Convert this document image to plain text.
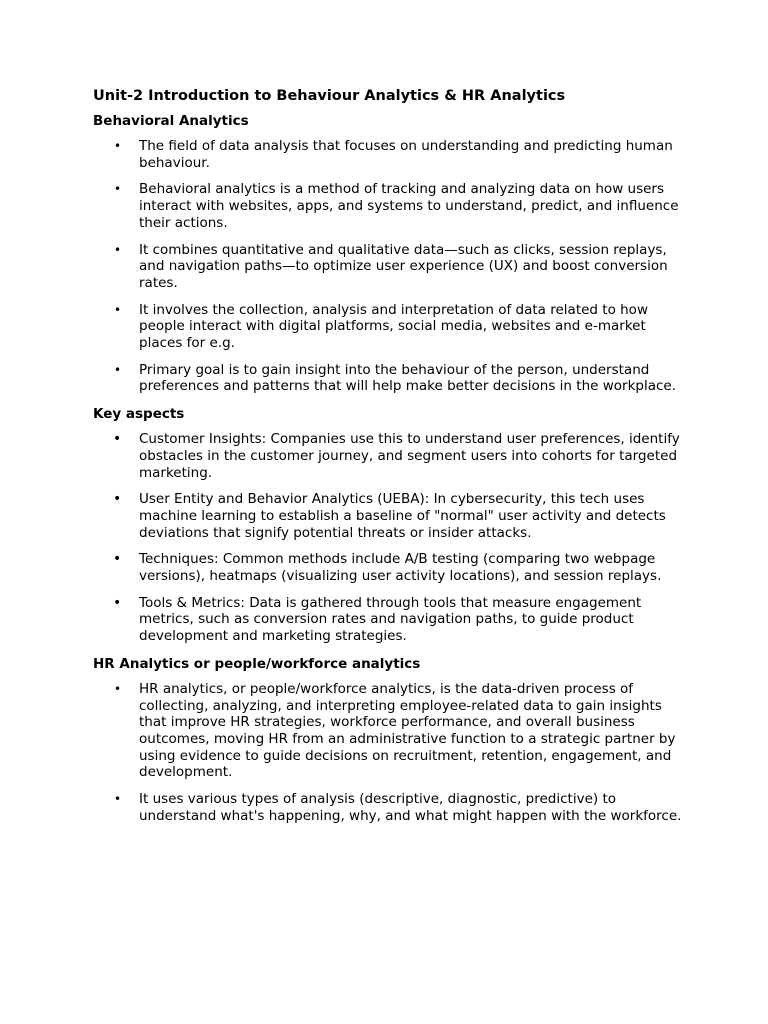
Unit-2 Introduction to Behaviour Analytics & HR Analytics
Behavioral Analytics
• The field of data analysis that focuses on understanding and predicting human behaviour.
• Behavioral analytics is a method of tracking and analyzing data on how users interact with websites, apps, and systems to understand, predict, and influence their actions.
• It combines quantitative and qualitative data—such as clicks, session replays, and navigation paths—to optimize user experience (UX) and boost conversion rates.
• It involves the collection, analysis and interpretation of data related to how people interact with digital platforms, social media, websites and e-market places for e.g.
• Primary goal is to gain insight into the behaviour of the person, understand preferences and patterns that will help make better decisions in the workplace.
Key aspects
• Customer Insights: Companies use this to understand user preferences, identify obstacles in the customer journey, and segment users into cohorts for targeted marketing.
• User Entity and Behavior Analytics (UEBA): In cybersecurity, this tech uses machine learning to establish a baseline of "normal" user activity and detects deviations that signify potential threats or insider attacks.
• Techniques: Common methods include A/B testing (comparing two webpage versions), heatmaps (visualizing user activity locations), and session replays.
• Tools & Metrics: Data is gathered through tools that measure engagement metrics, such as conversion rates and navigation paths, to guide product development and marketing strategies.
HR Analytics or people/workforce analytics
• HR analytics, or people/workforce analytics, is the data-driven process of collecting, analyzing, and interpreting employee-related data to gain insights that improve HR strategies, workforce performance, and overall business outcomes, moving HR from an administrative function to a strategic partner by using evidence to guide decisions on recruitment, retention, engagement, and development.
• It uses various types of analysis (descriptive, diagnostic, predictive) to understand what's happening, why, and what might happen with the workforce.
